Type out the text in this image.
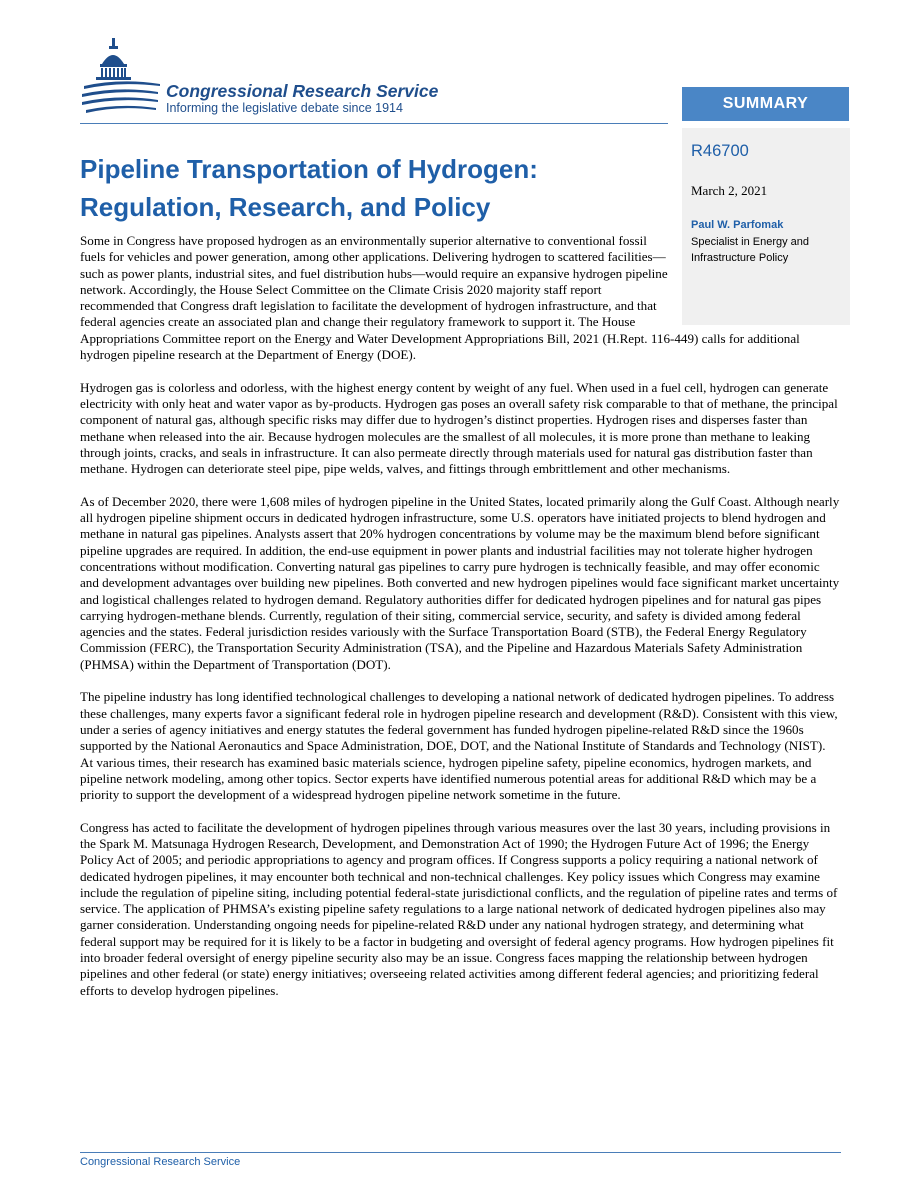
Congressional Research Service
Informing the legislative debate since 1914	SUMMARY
R46700
March 2, 2021
Paul W. Parfomak
Specialist in Energy and Infrastructure Policy
Pipeline Transportation of Hydrogen: Regulation, Research, and Policy

Some in Congress have proposed hydrogen as an environmentally superior alternative to conventional fossil fuels for vehicles and power generation, among other applications. Delivering hydrogen to scattered facilities—such as power plants, industrial sites, and fuel distribution hubs—would require an expansive hydrogen pipeline network. Accordingly, the House Select Committee on the Climate Crisis 2020 majority staff report recommended that Congress draft legislation to facilitate the development of hydrogen infrastructure, and that federal agencies create an associated plan and change their regulatory framework to support it. The House Appropriations Committee report on the Energy and Water Development Appropriations Bill, 2021 (H.Rept. 116-449) calls for additional hydrogen pipeline research at the Department of Energy (DOE).

Hydrogen gas is colorless and odorless, with the highest energy content by weight of any fuel. When used in a fuel cell, hydrogen can generate electricity with only heat and water vapor as by-products. Hydrogen gas poses an overall safety risk comparable to that of methane, the principal component of natural gas, although specific risks may differ due to hydrogen’s distinct properties. Hydrogen rises and disperses faster than methane when released into the air. Because hydrogen molecules are the smallest of all molecules, it is more prone than methane to leaking through joints, cracks, and seals in infrastructure. It can also permeate directly through materials used for natural gas distribution faster than methane. Hydrogen can deteriorate steel pipe, pipe welds, valves, and fittings through embrittlement and other mechanisms.

As of December 2020, there were 1,608 miles of hydrogen pipeline in the United States, located primarily along the Gulf Coast. Although nearly all hydrogen pipeline shipment occurs in dedicated hydrogen infrastructure, some U.S. operators have initiated projects to blend hydrogen and methane in natural gas pipelines. Analysts assert that 20% hydrogen concentrations by volume may be the maximum blend before significant pipeline upgrades are required. In addition, the end-use equipment in power plants and industrial facilities may not tolerate higher hydrogen concentrations without modification. Converting natural gas pipelines to carry pure hydrogen is technically feasible, and may offer economic and development advantages over building new pipelines. Both converted and new hydrogen pipelines would face significant market uncertainty and logistical challenges related to hydrogen demand. Regulatory authorities differ for dedicated hydrogen pipelines and for natural gas pipes carrying hydrogen-methane blends. Currently, regulation of their siting, commercial service, security, and safety is divided among federal agencies and the states. Federal jurisdiction resides variously with the Surface Transportation Board (STB), the Federal Energy Regulatory Commission (FERC), the Transportation Security Administration (TSA), and the Pipeline and Hazardous Materials Safety Administration (PHMSA) within the Department of Transportation (DOT).

The pipeline industry has long identified technological challenges to developing a national network of dedicated hydrogen pipelines. To address these challenges, many experts favor a significant federal role in hydrogen pipeline research and development (R&D). Consistent with this view, under a series of agency initiatives and energy statutes the federal government has funded hydrogen pipeline-related R&D since the 1960s supported by the National Aeronautics and Space Administration, DOE, DOT, and the National Institute of Standards and Technology (NIST). At various times, their research has examined basic materials science, hydrogen pipeline safety, pipeline economics, hydrogen markets, and pipeline network modeling, among other topics. Sector experts have identified numerous potential areas for additional R&D which may be a priority to support the development of a widespread hydrogen pipeline network sometime in the future.

Congress has acted to facilitate the development of hydrogen pipelines through various measures over the last 30 years, including provisions in the Spark M. Matsunaga Hydrogen Research, Development, and Demonstration Act of 1990; the Hydrogen Future Act of 1996; the Energy Policy Act of 2005; and periodic appropriations to agency and program offices. If Congress supports a policy requiring a national network of dedicated hydrogen pipelines, it may encounter both technical and non-technical challenges. Key policy issues which Congress may examine include the regulation of pipeline siting, including potential federal-state jurisdictional conflicts, and the regulation of pipeline rates and terms of service. The application of PHMSA’s existing pipeline safety regulations to a large national network of dedicated hydrogen pipelines also may garner consideration. Understanding ongoing needs for pipeline-related R&D under any national hydrogen strategy, and determining what federal support may be required for it is likely to be a factor in budgeting and oversight of federal agency programs. How hydrogen pipelines fit into broader federal oversight of energy pipeline security also may be an issue. Congress faces mapping the relationship between hydrogen pipelines and other federal (or state) energy initiatives; overseeing related activities among different federal agencies; and prioritizing federal efforts to develop hydrogen pipelines.

Congressional Research Service
